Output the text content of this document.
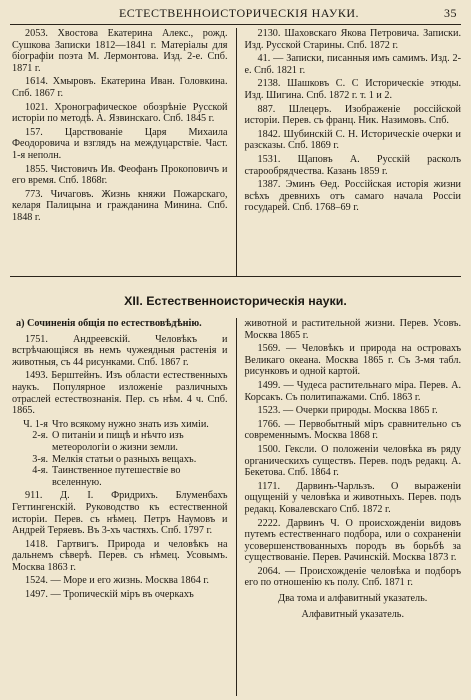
ЕСТЕСТВЕННОИСТОРИЧЕСКІЯ НАУКИ.	35

2053. Хвостова Екатерина Алекс., рожд. Сушкова Записки 1812—1841 г. Матеріалы для біографіи поэта М. Лермонтова. Изд. 2-е. Спб. 1871 г.

1614. Хмыровъ. Екатерина Иван. Головкина. Спб. 1867 г.

1021. Хронографическое обозрѣніе Русской исторіи по методѣ. А. Язвинскаго. Спб. 1845 г.

157. Царствованіе Царя Михаила Феодоровича и взглядъ на междуцарствіе. Част. 1-я неполн.

1855. Чистовичъ Ив. Феофанъ Прокоповичъ и его время. Спб. 1868г.

773. Чичаговъ. Жизнь княжи Пожарскаго, келаря Палицына и гражданина Минина. Спб. 1848 г.

2130. Шаховскаго Якова Петровича. Записки. Изд. Русской Старины. Спб. 1872 г.

41. — Записки, писанныя имъ самимъ. Изд. 2-е. Спб. 1821 г.

2138. Шашковъ С. С Историческіе этюды. Изд. Шигина. Спб. 1872 г. т. 1 и 2.

887. Шлецеръ. Изображеніе россійской исторіи. Перев. съ франц. Ник. Назимовъ. Спб.

1842. Шубинскій С. Н. Историческіе очерки и разсказы. Спб. 1869 г.

1531. Щаповъ А. Русскій расколъ старообрядчества. Казань 1859 г.

1387. Эминъ Өед. Россійская исторія жизни всѣхъ древнихъ отъ самаго начала Россіи государей. Спб. 1768–69 г.

XII. Естественноисторическія науки.
а) Сочиненія общія по естествовѣдѣнію.

1751. Андреевскій. Человѣкъ и встрѣчающіяся въ немъ чужеядныя растенія и животныя, съ 44 рисунками. Спб. 1867 г.

1493. Берштейнъ. Изъ области естественныхъ наукъ. Популярное изложеніе различныхъ отраслей естествознанія. Пер. съ нѣм. 4 ч. Спб. 1865.

Ч. 1-я Что всякому нужно знать изъ химіи.
2-я. О питаніи и пищѣ и нѣчто изъ метеорологіи о жизни земли.
3-я. Мелкія статьи о разныхъ вещахъ.
4-я. Таинственное путешествіе во вселенную.

911. Д. І. Фридрихъ. Блуменбахъ Геттингенскій. Руководство къ естественной исторіи. Перев. съ нѣмец. Петръ Наумовъ и Андрей Теряевъ. Въ 3-хъ частяхъ. Спб. 1797 г.

1418. Гартвигъ. Природа и человѣкъ на дальнемъ сѣверѣ. Перев. съ нѣмец. Усовымъ. Москва 1863 г.

1524. — Море и его жизнь. Москва 1864 г.

1497. — Тропическій міръ въ очеркахъ

животной и растительной жизни. Перев. Усовъ. Москва 1865 г.

1569. — Человѣкъ и природа на островахъ Великаго океана. Москва 1865 г. Съ 3-мя табл. рисунковъ и одной картой.

1499. — Чудеса растительнаго міра. Перев. А. Корсакъ. Съ политипажами. Спб. 1863 г.

1523. — Очерки природы. Москва 1865 г.

1766. — Первобытный міръ сравнительно съ современнымъ. Москва 1868 г.

1500. Гексли. О положеніи человѣка въ ряду органическихъ существъ. Перев. подъ редакц. А. Бекетова. Спб. 1864 г.

1171. Дарвинъ-Чарльзъ. О выраженіи ощущеній у человѣка и животныхъ. Перев. подъ редакц. Ковалевскаго Спб. 1872 г.

2222. Дарвинъ Ч. О происхожденіи видовъ путемъ естественнаго подбора, или о сохраненіи усовершенствованныхъ породъ въ борьбѣ за существованіе. Перев. Рачинскій. Москва 1873 г.

2064. — Происхожденіе человѣка и подборъ его по отношенію къ полу. Спб. 1871 г.

Два тома и алфавитный указатель.
Алфавитный указатель.
